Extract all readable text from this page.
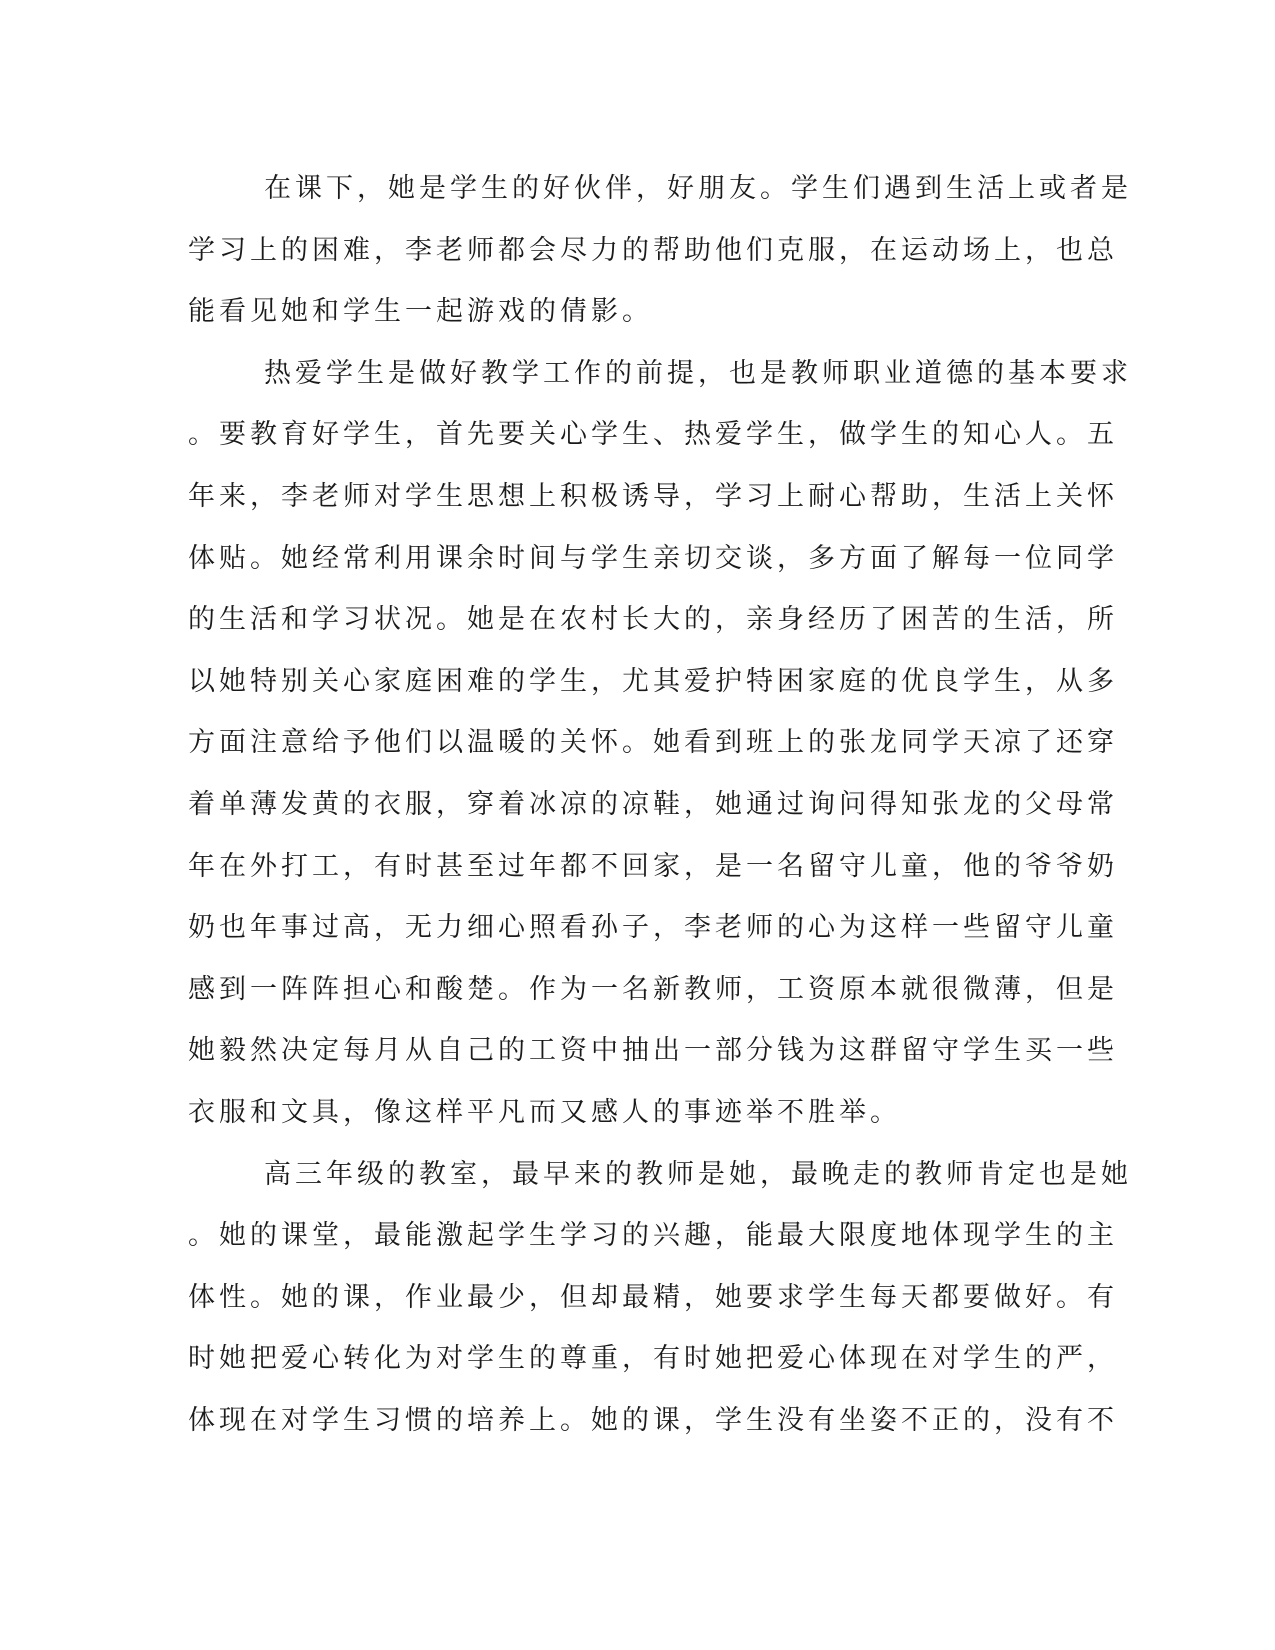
在课下，她是学生的好伙伴，好朋友。学生们遇到生活上或者是
学习上的困难，李老师都会尽力的帮助他们克服，在运动场上，也总
能看见她和学生一起游戏的倩影。
热爱学生是做好教学工作的前提，也是教师职业道德的基本要求
。要教育好学生，首先要关心学生、热爱学生，做学生的知心人。五
年来，李老师对学生思想上积极诱导，学习上耐心帮助，生活上关怀
体贴。她经常利用课余时间与学生亲切交谈，多方面了解每一位同学
的生活和学习状况。她是在农村长大的，亲身经历了困苦的生活，所
以她特别关心家庭困难的学生，尤其爱护特困家庭的优良学生，从多
方面注意给予他们以温暖的关怀。她看到班上的张龙同学天凉了还穿
着单薄发黄的衣服，穿着冰凉的凉鞋，她通过询问得知张龙的父母常
年在外打工，有时甚至过年都不回家，是一名留守儿童，他的爷爷奶
奶也年事过高，无力细心照看孙子，李老师的心为这样一些留守儿童
感到一阵阵担心和酸楚。作为一名新教师，工资原本就很微薄，但是
她毅然决定每月从自己的工资中抽出一部分钱为这群留守学生买一些
衣服和文具，像这样平凡而又感人的事迹举不胜举。
高三年级的教室，最早来的教师是她，最晚走的教师肯定也是她
。她的课堂，最能激起学生学习的兴趣，能最大限度地体现学生的主
体性。她的课，作业最少，但却最精，她要求学生每天都要做好。有
时她把爱心转化为对学生的尊重，有时她把爱心体现在对学生的严，
体现在对学生习惯的培养上。她的课，学生没有坐姿不正的，没有不
